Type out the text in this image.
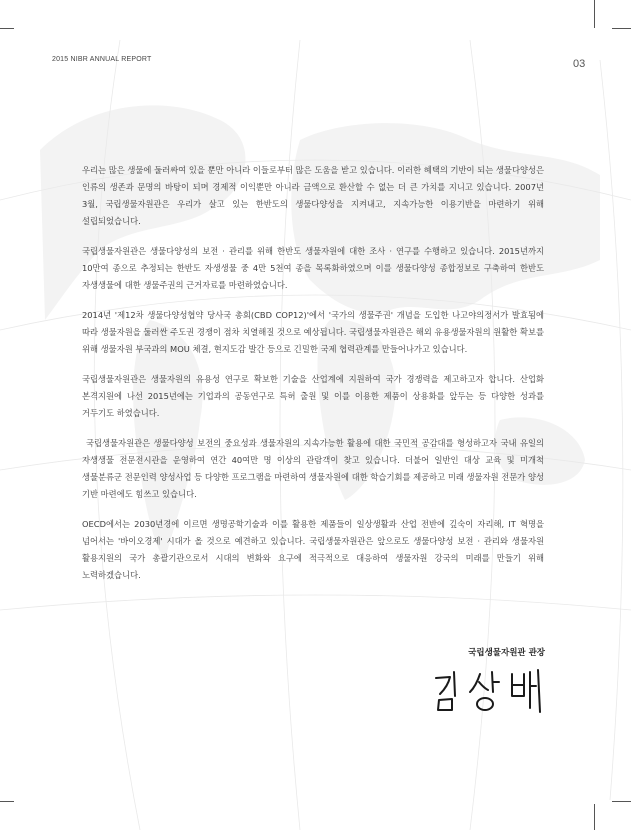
2015 NIBR ANNUAL REPORT	03

우리는 많은 생물에 둘러싸여 있을 뿐만 아니라 이들로부터 많은 도움을 받고 있습니다. 이러한 혜택의 기반이 되는 생물다양성은 인류의 생존과 문명의 바탕이 되며 경제적 이익뿐만 아니라 금액으로 환산할 수 없는 더 큰 가치를 지니고 있습니다. 2007년 3월, 국립생물자원관은 우리가 살고 있는 한반도의 생물다양성을 지켜내고, 지속가능한 이용기반을 마련하기 위해 설립되었습니다.

국립생물자원관은 생물다양성의 보전 · 관리를 위해 한반도 생물자원에 대한 조사 · 연구를 수행하고 있습니다. 2015년까지 10만여 종으로 추정되는 한반도 자생생물 중 4만 5천여 종을 목록화하였으며 이를 생물다양성 종합정보로 구축하여 한반도 자생생물에 대한 생물주권의 근거자료를 마련하였습니다.

2014년 '제12차 생물다양성협약 당사국 총회(CBD COP12)'에서 '국가의 생물주권' 개념을 도입한 나고야의정서가 발효됨에 따라 생물자원을 둘러싼 주도권 경쟁이 점차 치열해질 것으로 예상됩니다. 국립생물자원관은 해외 유용생물자원의 원활한 확보를 위해 생물자원 부국과의 MOU 체결, 현지도감 발간 등으로 긴밀한 국제 협력관계를 만들어나가고 있습니다.

국립생물자원관은 생물자원의 유용성 연구로 확보한 기술을 산업계에 지원하여 국가 경쟁력을 제고하고자 합니다. 산업화 본격지원에 나선 2015년에는 기업과의 공동연구로 특허 출원 및 이를 이용한 제품이 상용화를 앞두는 등 다양한 성과를 거두기도 하였습니다.

국립생물자원관은 생물다양성 보전의 중요성과 생물자원의 지속가능한 활용에 대한 국민적 공감대를 형성하고자 국내 유일의 자생생물 전문전시관을 운영하여 연간 40여만 명 이상의 관람객이 찾고 있습니다. 더불어 일반인 대상 교육 및 미개척 생물분류군 전문인력 양성사업 등 다양한 프로그램을 마련하여 생물자원에 대한 학습기회를 제공하고 미래 생물자원 전문가 양성 기반 마련에도 힘쓰고 있습니다.

OECD에서는 2030년경에 이르면 생명공학기술과 이를 활용한 제품들이 일상생활과 산업 전반에 깊숙이 자리해, IT 혁명을 넘어서는 '바이오경제' 시대가 올 것으로 예견하고 있습니다. 국립생물자원관은 앞으로도 생물다양성 보전 · 관리와 생물자원 활용지원의 국가 총괄기관으로서 시대의 변화와 요구에 적극적으로 대응하여 생물자원 강국의 미래를 만들기 위해 노력하겠습니다.

국립생물자원관 관장
